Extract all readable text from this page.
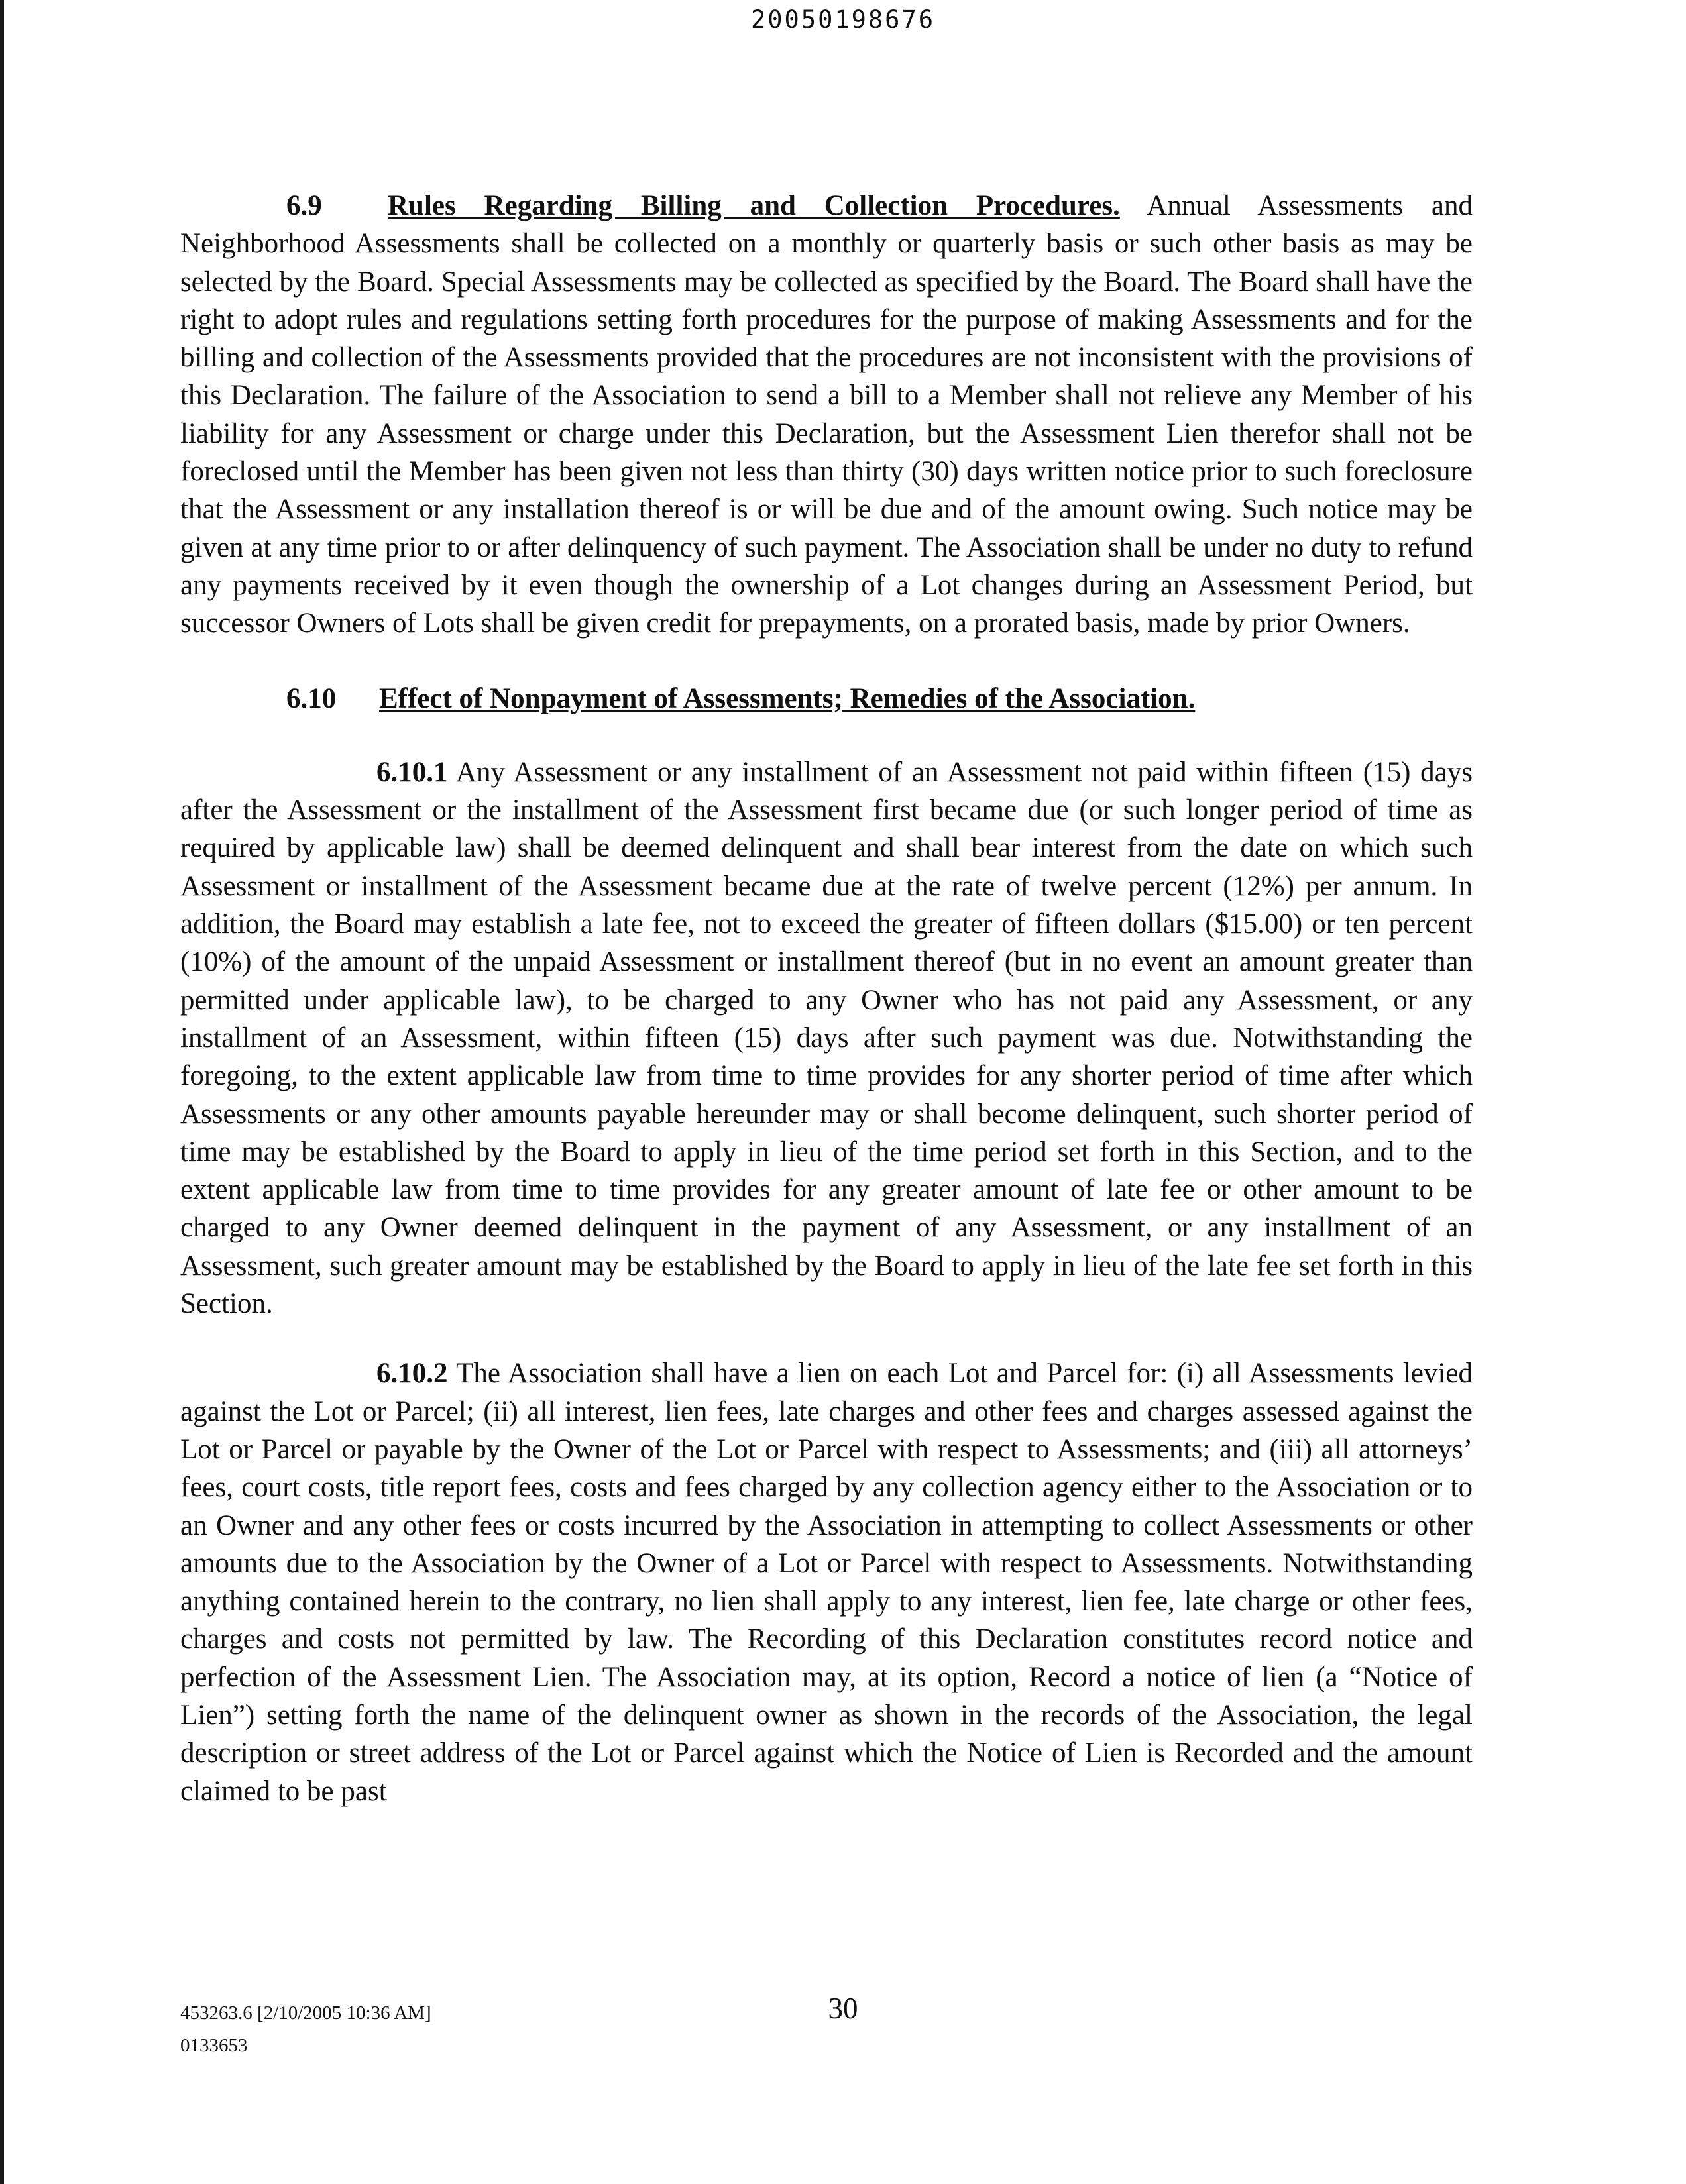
20050198676

6.9 Rules Regarding Billing and Collection Procedures. Annual Assessments and Neighborhood Assessments shall be collected on a monthly or quarterly basis or such other basis as may be selected by the Board. Special Assessments may be collected as specified by the Board. The Board shall have the right to adopt rules and regulations setting forth procedures for the purpose of making Assessments and for the billing and collection of the Assessments provided that the procedures are not inconsistent with the provisions of this Declaration. The failure of the Association to send a bill to a Member shall not relieve any Member of his liability for any Assessment or charge under this Declaration, but the Assessment Lien therefor shall not be foreclosed until the Member has been given not less than thirty (30) days written notice prior to such foreclosure that the Assessment or any installation thereof is or will be due and of the amount owing. Such notice may be given at any time prior to or after delinquency of such payment. The Association shall be under no duty to refund any payments received by it even though the ownership of a Lot changes during an Assessment Period, but successor Owners of Lots shall be given credit for prepayments, on a prorated basis, made by prior Owners.

6.10 Effect of Nonpayment of Assessments; Remedies of the Association.

6.10.1 Any Assessment or any installment of an Assessment not paid within fifteen (15) days after the Assessment or the installment of the Assessment first became due (or such longer period of time as required by applicable law) shall be deemed delinquent and shall bear interest from the date on which such Assessment or installment of the Assessment became due at the rate of twelve percent (12%) per annum. In addition, the Board may establish a late fee, not to exceed the greater of fifteen dollars ($15.00) or ten percent (10%) of the amount of the unpaid Assessment or installment thereof (but in no event an amount greater than permitted under applicable law), to be charged to any Owner who has not paid any Assessment, or any installment of an Assessment, within fifteen (15) days after such payment was due. Notwithstanding the foregoing, to the extent applicable law from time to time provides for any shorter period of time after which Assessments or any other amounts payable hereunder may or shall become delinquent, such shorter period of time may be established by the Board to apply in lieu of the time period set forth in this Section, and to the extent applicable law from time to time provides for any greater amount of late fee or other amount to be charged to any Owner deemed delinquent in the payment of any Assessment, or any installment of an Assessment, such greater amount may be established by the Board to apply in lieu of the late fee set forth in this Section.

6.10.2 The Association shall have a lien on each Lot and Parcel for: (i) all Assessments levied against the Lot or Parcel; (ii) all interest, lien fees, late charges and other fees and charges assessed against the Lot or Parcel or payable by the Owner of the Lot or Parcel with respect to Assessments; and (iii) all attorneys’ fees, court costs, title report fees, costs and fees charged by any collection agency either to the Association or to an Owner and any other fees or costs incurred by the Association in attempting to collect Assessments or other amounts due to the Association by the Owner of a Lot or Parcel with respect to Assessments. Notwithstanding anything contained herein to the contrary, no lien shall apply to any interest, lien fee, late charge or other fees, charges and costs not permitted by law. The Recording of this Declaration constitutes record notice and perfection of the Assessment Lien. The Association may, at its option, Record a notice of lien (a “Notice of Lien”) setting forth the name of the delinquent owner as shown in the records of the Association, the legal description or street address of the Lot or Parcel against which the Notice of Lien is Recorded and the amount claimed to be past

453263.6 [2/10/2005 10:36 AM]
0133653
30
